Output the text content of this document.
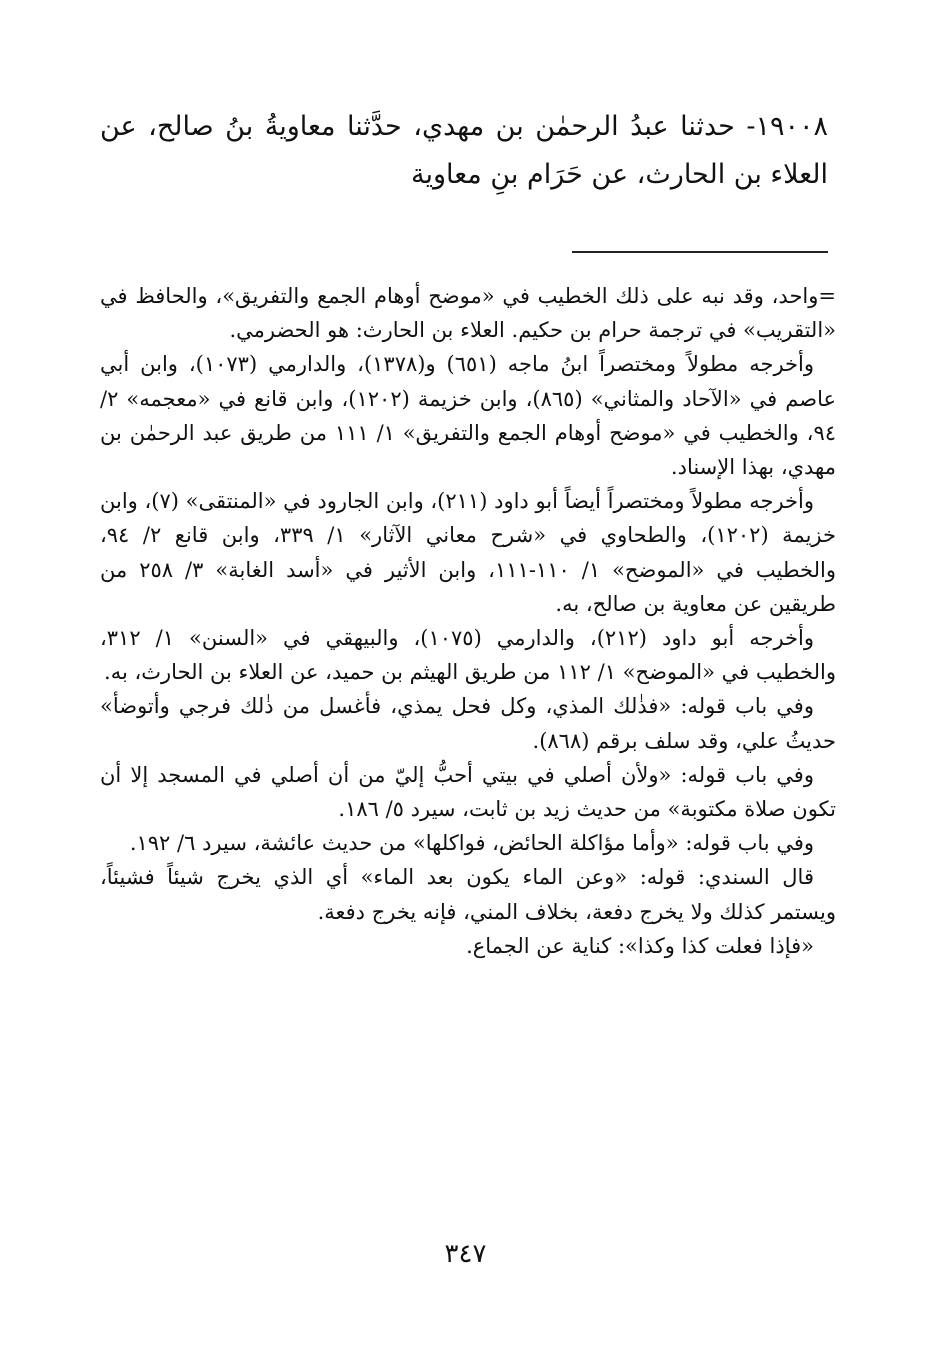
١٩٠٠٨- حدثنا عبدُ الرحمٰن بن مهدي، حدَّثنا معاويةُ بنُ صالح، عن العلاء بن الحارث، عن حَرَام بنِ معاوية

=واحد، وقد نبه على ذلك الخطيب في «موضح أوهام الجمع والتفريق»، والحافظ في «التقريب» في ترجمة حرام بن حكيم. العلاء بن الحارث: هو الحضرمي.

وأخرجه مطولاً ومختصراً ابنُ ماجه (٦٥١) و(١٣٧٨)، والدارمي (١٠٧٣)، وابن أبي عاصم في «الآحاد والمثاني» (٨٦٥)، وابن خزيمة (١٢٠٢)، وابن قانع في «معجمه» ٢/ ٩٤، والخطيب في «موضح أوهام الجمع والتفريق» ١/ ١١١ من طريق عبد الرحمٰن بن مهدي، بهذا الإسناد.

وأخرجه مطولاً ومختصراً أيضاً أبو داود (٢١١)، وابن الجارود في «المنتقى» (٧)، وابن خزيمة (١٢٠٢)، والطحاوي في «شرح معاني الآثار» ١/ ٣٣٩، وابن قانع ٢/ ٩٤، والخطيب في «الموضح» ١/ ١١٠-١١١، وابن الأثير في «أسد الغابة» ٣/ ٢٥٨ من طريقين عن معاوية بن صالح، به.

وأخرجه أبو داود (٢١٢)، والدارمي (١٠٧٥)، والبيهقي في «السنن» ١/ ٣١٢، والخطيب في «الموضح» ١/ ١١٢ من طريق الهيثم بن حميد، عن العلاء بن الحارث، به.

وفي باب قوله: «فذٰلك المذي، وكل فحل يمذي، فأغسل من ذٰلك فرجي وأتوضأ» حديثُ علي، وقد سلف برقم (٨٦٨).

وفي باب قوله: «ولأن أصلي في بيتي أحبُّ إليّ من أن أصلي في المسجد إلا أن تكون صلاة مكتوبة» من حديث زيد بن ثابت، سيرد ٥/ ١٨٦.

وفي باب قوله: «وأما مؤاكلة الحائض، فواكلها» من حديث عائشة، سيرد ٦/ ١٩٢.

قال السندي: قوله: «وعن الماء يكون بعد الماء» أي الذي يخرج شيئاً فشيئاً، ويستمر كذلك ولا يخرج دفعة، بخلاف المني، فإنه يخرج دفعة.

«فإذا فعلت كذا وكذا»: كناية عن الجماع.

٣٤٧
